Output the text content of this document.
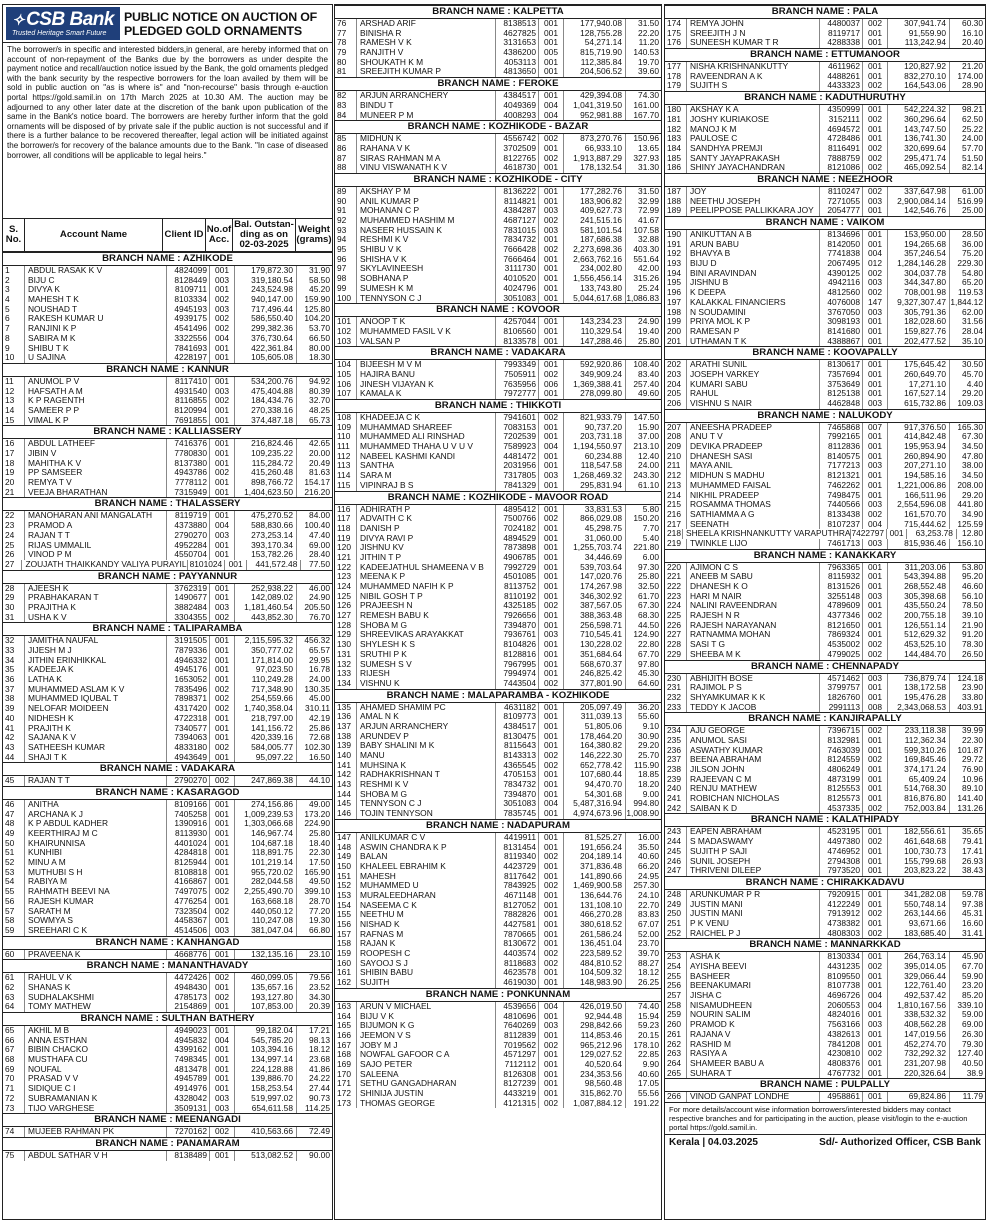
✧ CSB Bank
Trusted Heritage Smart Future
PUBLIC NOTICE ON AUCTION OF
PLEDGED GOLD ORNAMENTS
The borrower/s in specific and interested bidders,in general, are hereby informed that on account of non-repayment of the Banks due by the borrowers as under despite the payment notice and recall/auction notice issued by the Bank, the gold ornaments pledged with the bank security by the respective borrowers for the loan availed by them will be sold in public auction on "as is where is" and "non-recourse" basis through e-auction portal https://gold.samil.in on 17th March 2025 at 10.30 AM. The auction may be adjourned to any other later date at the discretion of the bank upon publication of the same in the Bank's notice board. The borrowers are hereby further inform that the gold ornaments will be disposed of by private sale if the public auction is not successful and if there is a further balance to be recovered thereafter, legal action will be initiated against the borrower/s for recovery of the balance amounts due to the Bank. "In case of diseased borrower, all conditions will be applicable to legal heirs."
S. No.	Account Name	Client ID No.of Acc.
Bal. Outstan-ding as on 02-03-2025
Weight (grams)
BRANCH NAME : AZHIKODE
1	ABDUL RASAK K V	4824099 001	179,872.30	31.90
2	BIJU C	8128449 003	319,180.54	58.50
3	DIVYA K	8109711 001	243,524.98	45.20
4	MAHESH T K	8103334 002	940,147.00	159.90
5	NOUSHAD T	4945193 003	717,496.44	125.80
6	RAKESH KUMAR U	4939175 002	586,550.40	104.20
7	RANJINI K P	4541496 002	299,382.36	53.70
8	SABIRA M K	3322556 004	376,730.64	66.50
9	SHIBU T K	7841693 001	422,361.84	80.00
10	U SAJINA	4228197 001	105,605.08	18.30
BRANCH NAME : KANNUR
11	ANUMOL P V	8117410 001	534,200.76	94.92
12	HAFSATH A M	4931540 003	475,404.88	80.39
13	K P RAGENTH	8116855 002	184,434.76	32.70
14	SAMEER P P	8120994 001	270,338.16	48.25
15	VIMAL K P	7691855 001	374,487.18	65.73
BRANCH NAME : KALLIASSERY
16	ABDUL LATHEEF	7416376 001	216,824.46	42.65
17	JIBIN V	7780830 001	109,235.22	20.00
18	MAHITHA K V	8137380 001	115,284.72	20.49
19	PP SAMSEER	4943786 002	415,260.48	81.63
20	REMYA T V	7778112 001	898,766.72	154.17
21	VEEJA BHARATHAN	7315949 001	1,404,623.50	216.20
BRANCH NAME : THALASSERY
22	MANOHARAN ANI MANGALATH	8119719 001	475,270.52	84.00
23	PRAMOD A	4373880 004	588,830.66	100.40
24	RAJAN T T	2790270 003	273,253.14	47.40
25	RIJAS UMMALIL	4952284 001	393,170.34	69.00
26	VINOD P M	4550704 001	153,782.26	28.40
27	ZOUJATH THAIKKANDY VALIYA PURAYIL 8101024 001	441,572.48	77.50
BRANCH NAME : PAYYANNUR
28	AJEESH K	3762319 001	252,938.22	46.00
29	PRABHAKARAN T	1490677 001	142,089.02	24.90
30	PRAJITHA K	3882484 003	1,181,460.54	205.50
31	USHA K V	3304355 002	443,852.30	76.70
BRANCH NAME : TALIPARAMBA
32	JAMITHA NAUFAL	3191505 001	2,115,595.32	456.32
33	JIJESH M J	7879336 001	350,777.02	65.57
34	JITHIN ERINHIKKAL	4946332 001	171,814.00	29.95
35	KADEEJA K	4945176 001	97,023.50	16.78
36	LATHA K	1653052 001	110,249.28	24.00
37	MUHAMMED ASLAM K V	7835496 002	717,348.90	130.35
38	MUHAMMED IQUBAL T	7898371 002	254,559.66	45.00
39	NELOFAR MOIDEEN	4317420 002	1,740,358.04	310.11
40	NIDHESH K	4722318 001	218,797.00	42.19
41	PRAJITH K	7340577 001	141,156.72	25.86
42	SAJANA K V	7394063 001	420,339.16	72.68
43	SATHEESH KUMAR	4833180 002	584,005.77	102.30
44	SHAJI T K	4943649 001	95,097.22	16.50
BRANCH NAME : VADAKARA
45	RAJAN T T	2790270 002	247,869.38	44.10
BRANCH NAME : KASARAGOD
46	ANITHA	8109166 001	274,156.86	49.00
47	ARCHANA K J	7405258 001	1,009,239.53	173.20
48	K P ABDUL KADHER	1390916 001	1,303,066.68	224.90
49	KEERTHIRAJ M C	8113930 001	146,967.74	25.80
50	KHAIRUNNISA	4401024 001	104,687.18	18.40
51	KUNHIBI	4284818 001	118,891.75	22.30
52	MINU A M	8125944 001	101,219.14	17.50
53	MUTHUBI S H	8108818 001	955,720.02	165.90
54	RABIYA M	4166867 001	282,044.58	49.50
55	RAHMATH BEEVI NA	7497075 002	2,255,490.70	399.10
56	RAJESH KUMAR	4776254 001	163,668.18	28.70
57	SARATH M	7323504 002	440,050.12	77.20
58	SOWMYA S	4458367 001	110,247.08	19.30
59	SREEHARI C K	4514506 003	381,047.04	66.80
BRANCH NAME : KANHANGAD
60	PRAVEENA K	4668776 001	132,135.16	23.10
BRANCH NAME : MANANTHAVADY
61	RAHUL V K	4472426 002	460,099.05	79.56
62	SHANAS K	4948430 001	135,657.16	23.52
63	SUDHALAKSHMI	4785173 002	193,127.80	34.30
64	TOMY MATHEW	2154869 001	107,853.00	20.39
BRANCH NAME : SULTHAN BATHERY
65	AKHIL M B	4949023 001	99,182.04	17.21
66	ANNA ESTHAN	4945832 004	545,785.20	98.13
67	BIBIN CHACKO	4399162 001	103,394.16	18.12
68	MUSTHAFA CU	7498345 001	134,997.14	23.68
69	NOUFAL	4813478 001	224,128.88	41.86
70	PRASAD V V	4945789 001	139,886.70	24.22
71	SIDIQUE C I	4914976 001	158,253.54	27.44
72	SUBRAMANIAN K	4328042 003	519,997.02	90.73
73	TIJO VARGHESE	3509131 003	654,611.58	114.25
BRANCH NAME : MEENANGADI
74	MUJEEB RAHMAN PK	7270162 002	410,563.66	72.49
BRANCH NAME : PANAMARAM
75	ABDUL SATHAR V H	8138489 001	513,082.52	90.00
BRANCH NAME : KALPETTA
76	ARSHAD ARIF	8138513 001	177,940.08	31.50
77	BINISHA R	4627825 001	128,755.28	22.20
78	RAMESH V K	3131653 001	54,271.14	11.20
79	RANJITH V	4386200 005	815,719.90	140.53
80	SHOUKATH K M	4053113 001	112,385.84	19.70
81	SREEJITH KUMAR P	4813650 001	204,506.52	39.60
BRANCH NAME : FEROKE
82	ARJUN ARRANCHERY	4384517 001	429,394.08	74.30
83	BINDU T	4049369 004	1,041,319.50	161.00
84	MUNEER P M	4008293 004	952,981.88	167.70
BRANCH NAME : KOZHIKODE - BAZAR
85	MIDHUN K	4556742 002	873,270.76	150.96
86	RAHANA V K	3702509 001	66,933.10	13.65
87	SIRAS RAHMAN M A	8122765 002	1,913,887.29	327.93
88	VINU VISWANATH K V	4618730 001	178,132.54	31.30
BRANCH NAME : KOZHIKODE - CITY
89	AKSHAY P M	8136222 001	177,282.76	31.50
90	ANIL KUMAR P	8114821 001	183,906.82	32.99
91	MOHANAN C P	4384287 003	409,627.73	72.99
92	MUHAMMED HASHIM M	4687127 002	241,515.16	41.67
93	NASEER HUSSAIN K	7831015 003	581,101.54	107.58
94	RESHMI K V	7834732 001	187,686.38	32.88
95	SHIBU V K	7666428 002	2,273,698.36	403.30
96	SHISHA V K	7666464 001	2,663,762.16	551.64
97	SKYLAVINEESH	3111730 001	234,002.80	42.00
98	SOBHANA P	4010520 001	1,556,456.14	315.26
99	SUMESH K M	4024796 001	133,743.80	25.24
100	TENNYSON C J	3051083 001	5,044,617.68 1,086.83
BRANCH NAME : KOVOOR
101	ANOOP T K	4257044 001	143,234.23	24.90
102	MUHAMMED FASIL V K	8106560 001	110,329.54	19.40
103	VALSAN P	8133578 001	147,288.46	25.80
BRANCH NAME : VADAKARA
104	BIJEESH M V M	7993349 001	592,920.86	108.40
105	HAJIRA BANU	7505911 002	349,909.24	83.40
106	JINESH VIJAYAN K	7635956 006	1,369,388.41	257.40
107	KAMALA K	7972777 001	278,099.80	49.60
BRANCH NAME : THIKKOTI
108	KHADEEJA C K	7941601 002	821,933.79	147.50
109	MUHAMMAD SHAREEF	7083153 001	90,737.20	15.90
110	MUHAMMED ALI RINSHAD	7202539 001	203,731.18	37.00
111	MUHAMMED THAHA U V U V	7589923 004	1,194,550.97	213.10
112	NABEEL KASHMI KANDI	4481472 001	60,234.88	12.40
113	SANTHA	2031956 001	118,547.58	24.00
114	SARA M	7317805 003	1,268,469.32	243.30
115	VIPINRAJ B S	7841329 001	295,831.94	61.10
BRANCH NAME : KOZHIKODE - MAVOOR ROAD
116	ADHIRATH P	4895412 001	33,831.53	5.80
117	ADVAITH C K	7500766 002	866,029.08	150.20
118	DANISH P	7024182 001	45,298.75	7.70
119	DIVYA RAVI P	4894529 001	31,060.00	5.40
120	JISHNU KV	7873898 001	1,255,703.74	221.80
121	JITHIN T P	4906785 001	34,446.69	6.00
122	KADEEJATHUL SHAMEENA V B	7992729 001	539,703.64	97.30
123	MEENA K P	4501085 001	147,020.76	25.80
124	MUHAMMED NAFIH K P	8113752 001	174,267.98	32.50
125	NIBIL GOSH T P	8110192 001	346,302.92	61.70
126	PRAJEESH N	4325185 002	387,567.05	67.30
127	REMESH BABU K	7926656 001	388,363.48	68.30
128	SHOBA M G	7394870 001	256,598.71	44.50
129	SHREEVIKAS ARAYAKKAT	7936761 003	710,545.41	124.90
130	SHYLESH K S	8104826 001	130,228.02	22.80
131	SRUTHI P K	8128816 001	351,684.64	67.70
132	SUMESH S V	7967995 001	568,670.37	97.80
133	RIJESH	7994974 001	246,825.42	45.30
134	VISHNU K	7443504 002	377,801.90	64.60
BRANCH NAME : MALAPARAMBA - KOZHIKODE
135	AHAMED SHAMIM PC	4631182 001	205,097.49	36.20
136	AMAL N K	8109773 001	311,039.13	55.60
137	ARJUN ARRANCHERY	4384517 001	51,805.06	9.10
138	ARUNDEV P	8130475 001	178,464.20	30.90
139	BABY SHALINI M K	8115643 001	164,380.82	29.20
140	MANU	8143313 002	146,222.30	25.70
141	MUHSINA K	4365545 002	652,778.42	115.90
142	RADHAKRISHNAN T	4705153 001	107,680.44	18.85
143	RESHMI K V	7834732 001	94,470.70	18.20
144	SHOBA M G	7394870 001	54,301.68	9.00
145	TENNYSON C J	3051083 004	5,487,316.94	994.80
146	TOJIN TENNYSON	7835745 001	4,974,673.96 1,008.90
BRANCH NAME : NADAPURAM
147	ANILKUMAR C V	4419911 001	81,525.27	16.00
148	ASWIN CHANDRA K P	8131454 001	191,656.24	35.50
149	BALAN	8119340 002	204,189.14	40.60
150	KHALEEL EBRAHIM K	4423729 001	371,836.48	66.20
151	MAHESH	8117642 001	141,890.66	24.95
152	MUHAMMED U	7843925 002	1,469,900.58	257.30
153	MURALEEDHARAN	4671148 001	136,644.76	24.10
154	NASEEMA C K	8127052 001	131,108.10	22.70
155	NEETHU M	7882826 001	466,270.28	83.83
156	NISHAD K	4427581 001	380,618.52	67.07
157	RAFNAS M	7870665 001	261,586.24	52.00
158	RAJAN K	8130672 001	136,451.04	23.70
159	ROOPESH C	4403574 002	223,589.52	39.70
160	SAYOOJ S J	8118683 002	484,810.52	88.27
161	SHIBIN BABU	4623578 001	104,509.32	18.12
162	SUJITH	4619030 001	148,983.90	26.25
BRANCH NAME : PONKUNNAM
163	ARUN V MICHAEL	4539656 004	426,019.50	74.40
164	BIJU V K	4810696 001	92,944.48	15.94
165	BIJUMON K G	7640269 003	298,842.66	59.23
166	JEEMON V S	8112839 001	114,853.46	20.15
167	JOBY M J	7019562 002	965,212.96	178.10
168	NOWFAL GAFOOR C A	4571297 001	129,027.52	22.85
169	SAJO PETER	7112112 001	40,520.64	9.90
170	SALEENA	8126308 001	234,353.56	40.60
171	SETHU GANGADHARAN	8127239 001	98,560.48	17.05
172	SHINIJA JUSTIN	4433219 001	315,862.70	55.56
173	THOMAS GEORGE	4121315 002	1,087,884.12	191.22
BRANCH NAME : PALA
174	REMYA JOHN	4480037 002	307,941.74	60.30
175	SREEJITH J N	8119717 001	91,559.90	16.10
176	SUNEESH KUMAR T R	4288338 001	113,242.94	20.40
BRANCH NAME : ETTUMANOOR
177	NISHA KRISHNANKUTTY	4611962 001	120,827.92	21.20
178	RAVEENDRAN A K	4488261 001	832,270.10	174.00
179	SUJITH S	4433323 002	164,543.06	28.90
BRANCH NAME : KADUTHURUTHY
180	AKSHAY K A	4350999 001	542,224.32	98.21
181	JOSHY KURIAKOSE	3152111 002	360,296.64	62.50
182	MANOJ K M	4694572 001	143,747.50	25.22
183	PAULOSE C	4728486 001	136,741.30	24.00
184	SANDHYA PREMJI	8116491 002	320,699.64	57.70
185	SANTY JAYAPRAKASH	7888759 002	295,471.74	51.50
186	SHINY JAYACHANDRAN	8121086 002	465,092.54	82.14
BRANCH NAME : NEEZHOOR
187	JOY	8110247 002	337,647.98	61.00
188	NEETHU JOSEPH	7271055 003	2,900,084.14	516.99
189	PEELIPPOSE PALLIKKARA JOY	2054777 001	142,546.76	25.00
BRANCH NAME : VAIKOM
190	ANIKUTTAN A B	8134696 001	153,950.00	28.50
191	ARUN BABU	8142050 001	194,265.68	36.00
192	BHAVYA B	7741838 004	357,246.54	75.20
193	BIJU D	2067495 012	1,284,146.28	229.30
194	BINI ARAVINDAN	4390125 002	304,037.78	54.80
195	JISHNU B	4942116 003	344,347.80	65.20
196	K DEEPA	4812560 002	708,001.98	119.53
197	KALAKKAL FINANCIERS	4076008 147	9,327,307.47 1,844.12
198	N SOUDAMINI	3767050 003	305,791.36	62.00
199	PRIYA MOL K P	3098193 001	182,028.60	31.56
200	RAMESAN P	8141680 001	159,827.76	28.04
201	UTHAMAN T K	4388867 001	202,477.52	35.10
BRANCH NAME : KOOVAPALLY
202	ARATHI SUNIL	8130617 001	175,645.42	30.50
203	JOSEPH VARKEY	7357694 001	260,649.70	45.70
204	KUMARI SABU	3753649 001	17,271.10	4.40
205	RAHUL	8125138 001	167,527.14	29.20
206	VISHNU S NAIR	4462848 003	615,732.86	109.03
BRANCH NAME : NALUKODY
207	ANEESHA PRADEEP	7465868 007	917,376.50	165.30
208	ANU T V	7992165 001	414,842.48	67.30
209	DEVIKA PRADEEP	8112836 001	195,953.94	34.50
210	DHANESH SASI	8140575 001	260,894.90	47.80
211	MAYA ANIL	7177213 003	207,271.10	38.00
212	MIDHUN S MADHU	8121321 001	194,585.16	34.50
213	MUHAMMED FAISAL	7462262 001	1,221,006.86	208.00
214	NIKHIL PRADEEP	7498475 001	166,511.96	29.20
215	ROSAMMA THOMAS	7440566 003	2,554,596.08	441.80
216	SATHIAMMA A G	8133438 002	161,570.70	34.90
217	SEENATH	8107237 004	715,444.62	125.59
218 SHEELA KRISHNANKUTTY VARAPUTHRA 7422797 001	63,253.78	12.80
219	TWINKLE LIJO	7461713 003	815,936.46	156.10
BRANCH NAME : KANAKKARY
220	AJIMON C S	7963365 001	311,203.06	53.80
221	ANEEB M SABU	8115932 001	543,394.88	95.20
222	DHANESH K O	8131526 001	268,552.48	46.60
223	HARI M NAIR	3255148 003	305,398.68	56.10
224	NALINI RAVEENDRAN	4789609 001	435,550.24	78.50
225	RAJESH N R	4377346 002	200,755.18	39.10
226	RAJESH NARAYANAN	8121650 001	126,551.14	21.90
227	RATNAMMA MOHAN	7869324 001	512,629.32	91.20
228	SASI T G	4535002 002	453,525.10	78.30
229	SHEEBA M K	4799025 002	144,484.70	26.50
BRANCH NAME : CHENNAPADY
230	ABHIJITH BOSE	4571462 003	736,879.74	124.18
231	RAJIMOL P S	3799757 001	138,172.58	23.90
232	SHYAMKUMAR K K	1826760 001	195,476.28	33.80
233	TEDDY K JACOB	2991113 008	2,343,068.53	403.91
BRANCH NAME : KANJIRAPALLY
234	AJU GEORGE	7396715 002	233,118.38	39.99
235	ANUMOL SASI	8132981 001	112,362.34	22.30
236	ASWATHY KUMAR	7463039 001	599,310.26	101.87
237	BEENA ABRAHAM	8124559 002	169,845.46	29.72
238	JILSON JOHN	4806249 001	374,171.24	76.90
239	RAJEEVAN C M	4873199 001	65,409.24	10.96
240	RENJU MATHEW	8125553 001	514,768.30	89.10
241	ROBICHAN NICHOLAS	8125573 001	816,876.80	141.40
242	SAIBAN K D	4537335 002	752,003.84	131.26
BRANCH NAME : KALATHIPADY
243	EAPEN ABRAHAM	4523195 001	182,556.61	35.65
244	S MADASWAMY	4497380 002	461,648.68	79.41
245	SUJITH P SAJI	4746952 001	100,730.73	17.41
246	SUNIL JOSEPH	2794308 001	155,799.68	26.93
247	THRIVENI DILEEP	7973520 001	203,823.22	38.43
BRANCH NAME : CHIRAKKADAVU
248	ARUNKUMAR P R	7920915 001	341,282.08	59.78
249	JUSTIN MANI	4122249 001	550,748.14	97.38
250	JUSTIN MANI	7913912 002	263,144.66	45.31
251	P K VENU	4738382 001	93,671.66	16.60
252	RAICHEL P J	4808303 002	183,685.40	31.41
BRANCH NAME : MANNARKKAD
253	ASHA K	8130334 001	264,763.14	45.90
254	AYISHA BEEVI	4431235 002	395,014.05	67.70
255	BASHEER	8109550 001	329,066.44	59.90
256	BEENAKUMARI	8107738 001	122,761.40	23.20
257	JISHA C	4696726 004	492,537.42	85.20
258	NISAMUDHEEN	2060553 004	1,810,167.56	339.10
259	NOURIN SALIM	4824016 001	338,532.32	59.00
260	PRAMOD K	7563166 003	408,562.28	69.00
261	RAJANA V	4382613 001	147,019.56	26.30
262	RASHID M	7841208 001	452,274.70	79.30
263	RASIYA A	4230810 002	732,292.32	127.40
264	SHAMEER BABU A	4808376 001	231,207.98	40.50
265	SUHARA T	4767732 001	220,326.64	38.9
BRANCH NAME : PULPALLY
266	VINOD GANPAT LONDHE	4958861 001	69,824.86	11.79
For more details/account wise information borrowers/interested bidders may contact respective branches and for participating in the auction, please visit/login to the e-auction portal https://gold.samil.in.
Kerala | 04.03.2025	Sd/- Authorized Officer, CSB Bank
